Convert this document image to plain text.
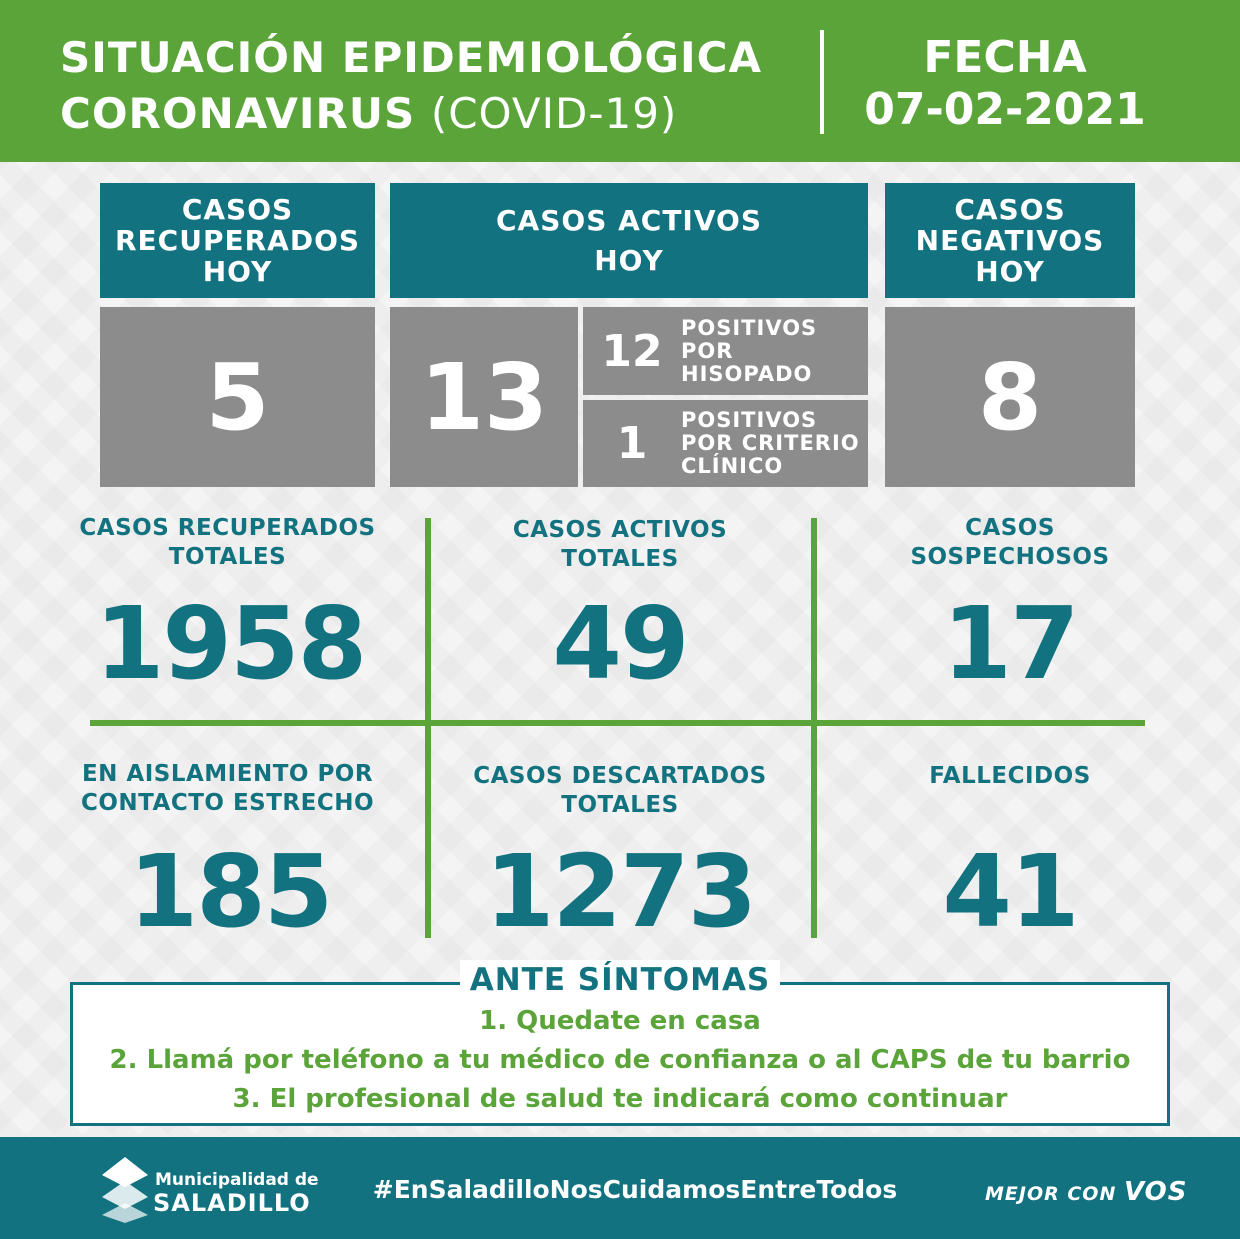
SITUACIÓN EPIDEMIOLÓGICA
CORONAVIRUS (COVID-19)
FECHA
07-02-2021
CASOS
RECUPERADOS
HOY
5
CASOS ACTIVOS
HOY
13	12 POSITIVOS
POR
HISOPADO
1	POSITIVOS
POR CRITERIO
CLÍNICO
CASOS
NEGATIVOS
HOY
8
CASOS RECUPERADOS
TOTALES
1958
CASOS ACTIVOS
TOTALES
49
CASOS
SOSPECHOSOS
17
EN AISLAMIENTO POR
CONTACTO ESTRECHO
185
CASOS DESCARTADOS
TOTALES
1273
FALLECIDOS
41
ANTE SÍNTOMAS
1. Quedate en casa
2. Llamá por teléfono a tu médico de confianza o al CAPS de tu barrio
3. El profesional de salud te indicará como continuar
Municipalidad de
SALADILLO	#EnSaladilloNosCuidamosEntreTodos	MEJOR CON VOS
